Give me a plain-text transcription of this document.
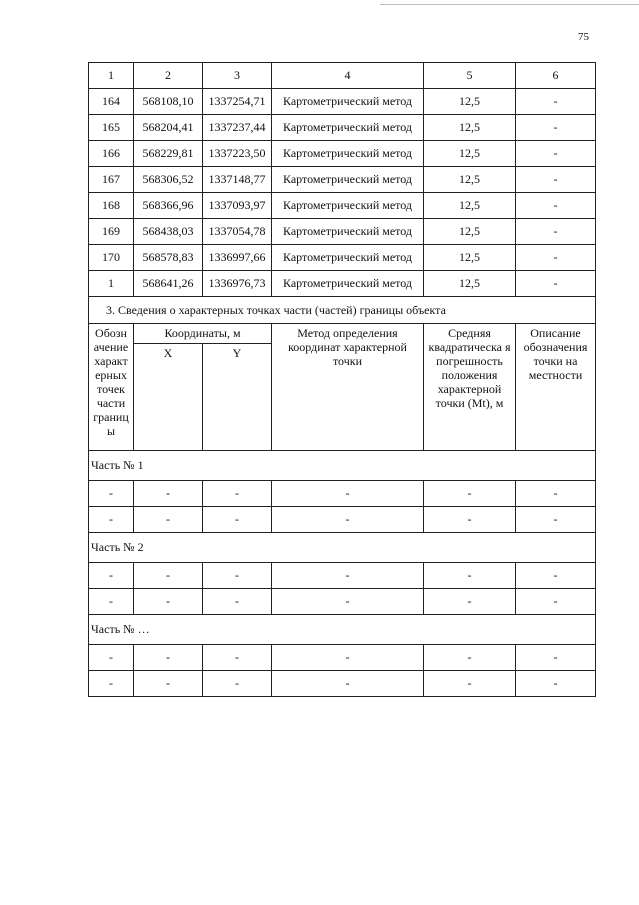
75
1	2	3	4	5	6
164	568108,10	1337254,71	Картометрический метод	12,5	-
165	568204,41	1337237,44	Картометрический метод	12,5	-
166	568229,81	1337223,50	Картометрический метод	12,5	-
167	568306,52	1337148,77	Картометрический метод	12,5	-
168	568366,96	1337093,97	Картометрический метод	12,5	-
169	568438,03	1337054,78	Картометрический метод	12,5	-
170	568578,83	1336997,66	Картометрический метод	12,5	-
1	568641,26	1336976,73	Картометрический метод	12,5	-
3. Сведения о характерных точках части (частей) границы объекта					
Обозн ачение характ ерных точек части границ ы	Координаты, м		Метод определения координат характерной точки	Средняя квадратическа я погрешность положения характерной точки (Mt), м	Описание обозначения точки на местности
	X	Y			
Часть № 1					
-	-	-	-	-	-
-	-	-	-	-	-
Часть № 2					
-	-	-	-	-	-
-	-	-	-	-	-
Часть № …					
-	-	-	-	-	-
-	-	-	-	-	-
